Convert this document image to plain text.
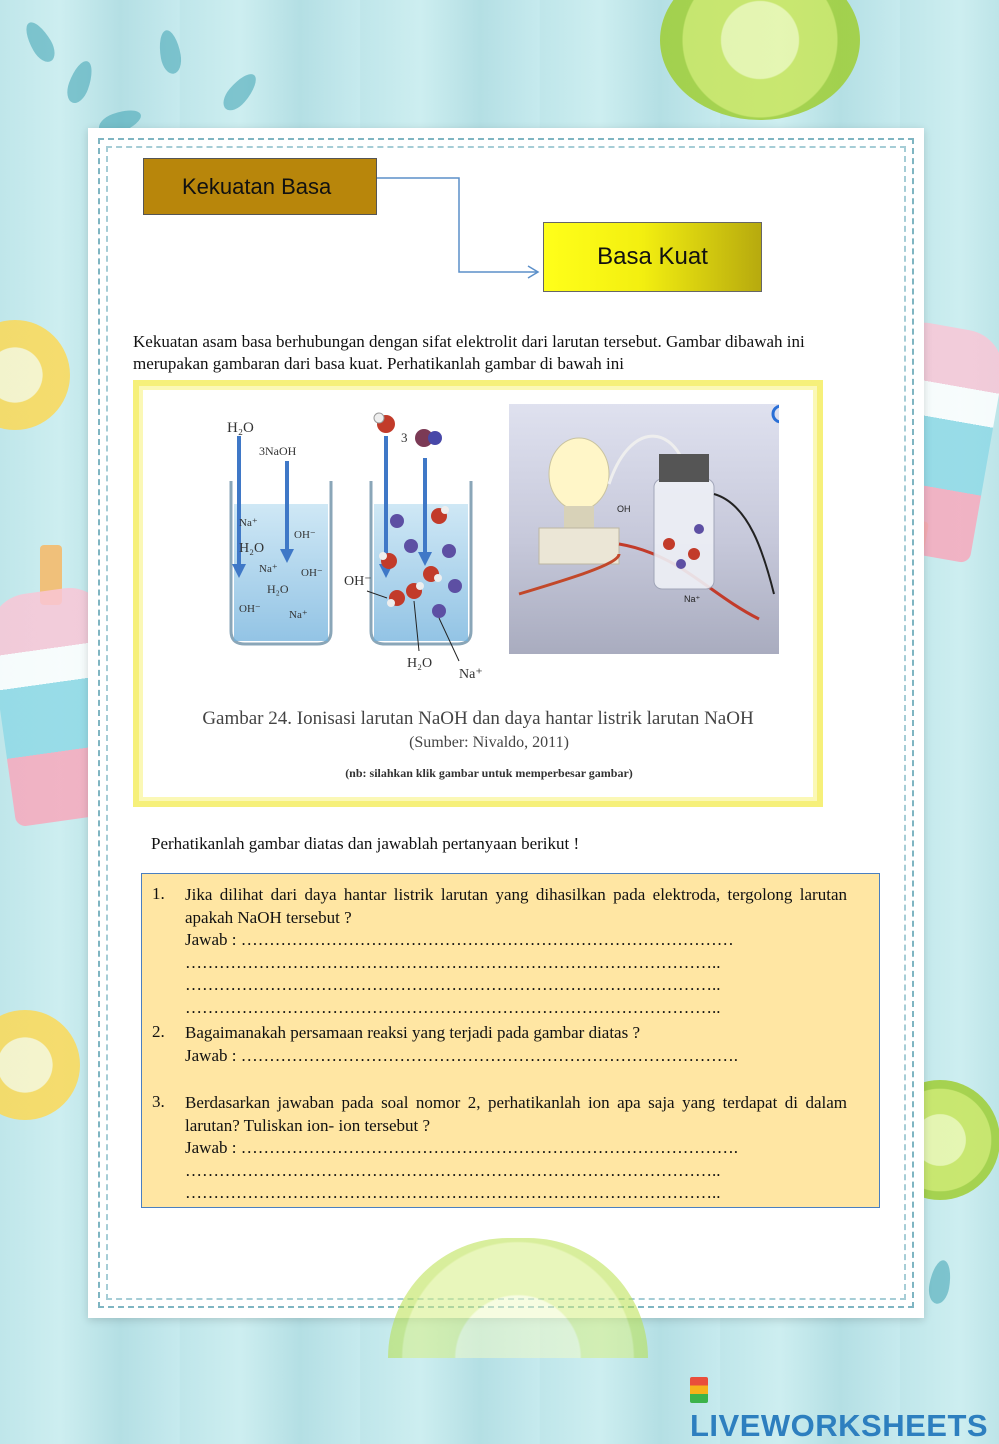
Kekuatan Basa
Basa Kuat

Kekuatan asam basa berhubungan dengan sifat elektrolit dari larutan tersebut. Gambar dibawah ini merupakan gambaran dari basa kuat. Perhatikanlah gambar di bawah ini

H₂O
3NaOH
3
Na⁺
OH⁻
H₂O
Na⁺ OH⁻
H₂O
OH⁻	Na⁺
OH⁻
H₂O
Na⁺
OH
Na⁺
Gambar 24. Ionisasi larutan NaOH dan daya hantar listrik larutan NaOH
(Sumber: Nivaldo, 2011)
(nb: silahkan klik gambar untuk memperbesar gambar)
Perhatikanlah gambar diatas dan jawablah pertanyaan berikut !
1. Jika dilihat dari daya hantar listrik larutan yang dihasilkan pada elektroda, tergolong larutan apakah NaOH tersebut ?
Jawab : ……………………………………………………………………………
…………………………………………………………………………………..
…………………………………………………………………………………..
…………………………………………………………………………………..
2. Bagaimanakah persamaan reaksi yang terjadi pada gambar diatas ?
Jawab : …………………………………………………………………………….
3. Berdasarkan jawaban pada soal nomor 2, perhatikanlah ion apa saja yang terdapat di dalam larutan? Tuliskan ion- ion tersebut ?
Jawab : …………………………………………………………………………….
…………………………………………………………………………………..
…………………………………………………………………………………..
LIVEWORKSHEETS
